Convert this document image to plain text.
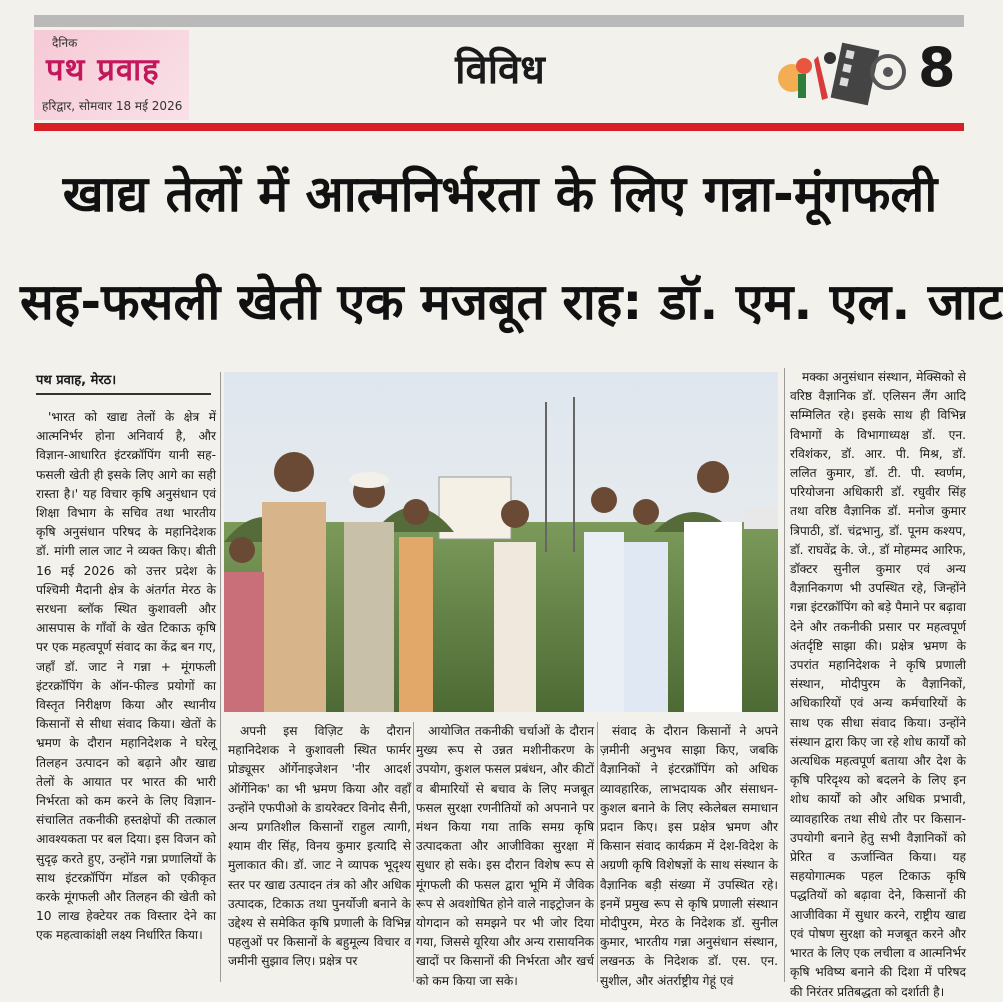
दैनिक
पथ प्रवाह
हरिद्वार, सोमवार 18 मई 2026
विविध	8
खाद्य तेलों में आत्मनिर्भरता के लिए गन्ना-मूंगफली
सह-फसली खेती एक मजबूत राह: डॉ. एम. एल. जाट
पथ प्रवाह, मेरठ।

'भारत को खाद्य तेलों के क्षेत्र में आत्मनिर्भर होना अनिवार्य है, और विज्ञान-आधारित इंटरक्रॉपिंग यानी सह-फसली खेती ही इसके लिए आगे का सही रास्ता है।' यह विचार कृषि अनुसंधान एवं शिक्षा विभाग के सचिव तथा भारतीय कृषि अनुसंधान परिषद के महानिदेशक डॉ. मांगी लाल जाट ने व्यक्त किए। बीती 16 मई 2026 को उत्तर प्रदेश के पश्चिमी मैदानी क्षेत्र के अंतर्गत मेरठ के सरधना ब्लॉक स्थित कुशावली और आसपास के गाँवों के खेत टिकाऊ कृषि पर एक महत्वपूर्ण संवाद का केंद्र बन गए, जहाँ डॉ. जाट ने गन्ना + मूंगफली इंटरक्रॉपिंग के ऑन-फील्ड प्रयोगों का विस्तृत निरीक्षण किया और स्थानीय किसानों से सीधा संवाद किया। खेतों के भ्रमण के दौरान महानिदेशक ने घरेलू तिलहन उत्पादन को बढ़ाने और खाद्य तेलों के आयात पर भारत की भारी निर्भरता को कम करने के लिए विज्ञान-संचालित तकनीकी हस्तक्षेपों की तत्काल आवश्यकता पर बल दिया। इस विजन को सुदृढ़ करते हुए, उन्होंने गन्ना प्रणालियों के साथ इंटरक्रॉपिंग मॉडल को एकीकृत करके मूंगफली और तिलहन की खेती को 10 लाख हेक्टेयर तक विस्तार देने का एक महत्वाकांक्षी लक्ष्य निर्धारित किया।

अपनी इस विज़िट के दौरान महानिदेशक ने कुशावली स्थित फार्मर प्रोड्यूसर ऑर्गेनाइजेशन 'नीर आदर्श ऑर्गेनिक' का भी भ्रमण किया और वहाँ उन्होंने एफपीओ के डायरेक्टर विनोद सैनी, अन्य प्रगतिशील किसानों राहुल त्यागी, श्याम वीर सिंह, विनय कुमार इत्यादि से मुलाकात की। डॉ. जाट ने व्यापक भूदृश्य स्तर पर खाद्य उत्पादन तंत्र को और अधिक उत्पादक, टिकाऊ तथा पुनर्योजी बनाने के उद्देश्य से समेकित कृषि प्रणाली के विभिन्न पहलुओं पर किसानों के बहुमूल्य विचार व जमीनी सुझाव लिए। प्रक्षेत्र पर

आयोजित तकनीकी चर्चाओं के दौरान मुख्य रूप से उन्नत मशीनीकरण के उपयोग, कुशल फसल प्रबंधन, और कीटों व बीमारियों से बचाव के लिए मजबूत फसल सुरक्षा रणनीतियों को अपनाने पर मंथन किया गया ताकि समग्र कृषि उत्पादकता और आजीविका सुरक्षा में सुधार हो सके। इस दौरान विशेष रूप से मूंगफली की फसल द्वारा भूमि में जैविक रूप से अवशोषित होने वाले नाइट्रोजन के योगदान को समझने पर भी जोर दिया गया, जिससे यूरिया और अन्य रासायनिक खादों पर किसानों की निर्भरता और खर्च को कम किया जा सके।

संवाद के दौरान किसानों ने अपने ज़मीनी अनुभव साझा किए, जबकि वैज्ञानिकों ने इंटरक्रॉपिंग को अधिक व्यावहारिक, लाभदायक और संसाधन-कुशल बनाने के लिए स्केलेबल समाधान प्रदान किए। इस प्रक्षेत्र भ्रमण और किसान संवाद कार्यक्रम में देश-विदेश के अग्रणी कृषि विशेषज्ञों के साथ संस्थान के वैज्ञानिक बड़ी संख्या में उपस्थित रहे। इनमें प्रमुख रूप से कृषि प्रणाली संस्थान मोदीपुरम, मेरठ के निदेशक डॉ. सुनील कुमार, भारतीय गन्ना अनुसंधान संस्थान, लखनऊ के निदेशक डॉ. एस. एन. सुशील, और अंतर्राष्ट्रीय गेहूं एवं

मक्का अनुसंधान संस्थान, मेक्सिको से वरिष्ठ वैज्ञानिक डॉ. एलिसन लैंग आदि सम्मिलित रहे। इसके साथ ही विभिन्न विभागों के विभागाध्यक्ष डॉ. एन. रविशंकर, डॉ. आर. पी. मिश्र, डॉ. ललित कुमार, डॉ. टी. पी. स्वर्णम, परियोजना अधिकारी डॉ. रघुवीर सिंह तथा वरिष्ठ वैज्ञानिक डॉ. मनोज कुमार त्रिपाठी, डॉ. चंद्रभानु, डॉ. पूनम कश्यप, डॉ. राघवेंद्र के. जे., डॉ मोहम्मद आरिफ, डॉक्टर सुनील कुमार एवं अन्य वैज्ञानिकगण भी उपस्थित रहे, जिन्होंने गन्ना इंटरक्रॉपिंग को बड़े पैमाने पर बढ़ावा देने और तकनीकी प्रसार पर महत्वपूर्ण अंतर्दृष्टि साझा की। प्रक्षेत्र भ्रमण के उपरांत महानिदेशक ने कृषि प्रणाली संस्थान, मोदीपुरम के वैज्ञानिकों, अधिकारियों एवं अन्य कर्मचारियों के साथ एक सीधा संवाद किया। उन्होंने संस्थान द्वारा किए जा रहे शोध कार्यों को अत्यधिक महत्वपूर्ण बताया और देश के कृषि परिदृश्य को बदलने के लिए इन शोध कार्यों को और अधिक प्रभावी, व्यावहारिक तथा सीधे तौर पर किसान-उपयोगी बनाने हेतु सभी वैज्ञानिकों को प्रेरित व ऊर्जान्वित किया। यह सहयोगात्मक पहल टिकाऊ कृषि पद्धतियों को बढ़ावा देने, किसानों की आजीविका में सुधार करने, राष्ट्रीय खाद्य एवं पोषण सुरक्षा को मजबूत करने और भारत के लिए एक लचीला व आत्मनिर्भर कृषि भविष्य बनाने की दिशा में परिषद की निरंतर प्रतिबद्धता को दर्शाती है।
